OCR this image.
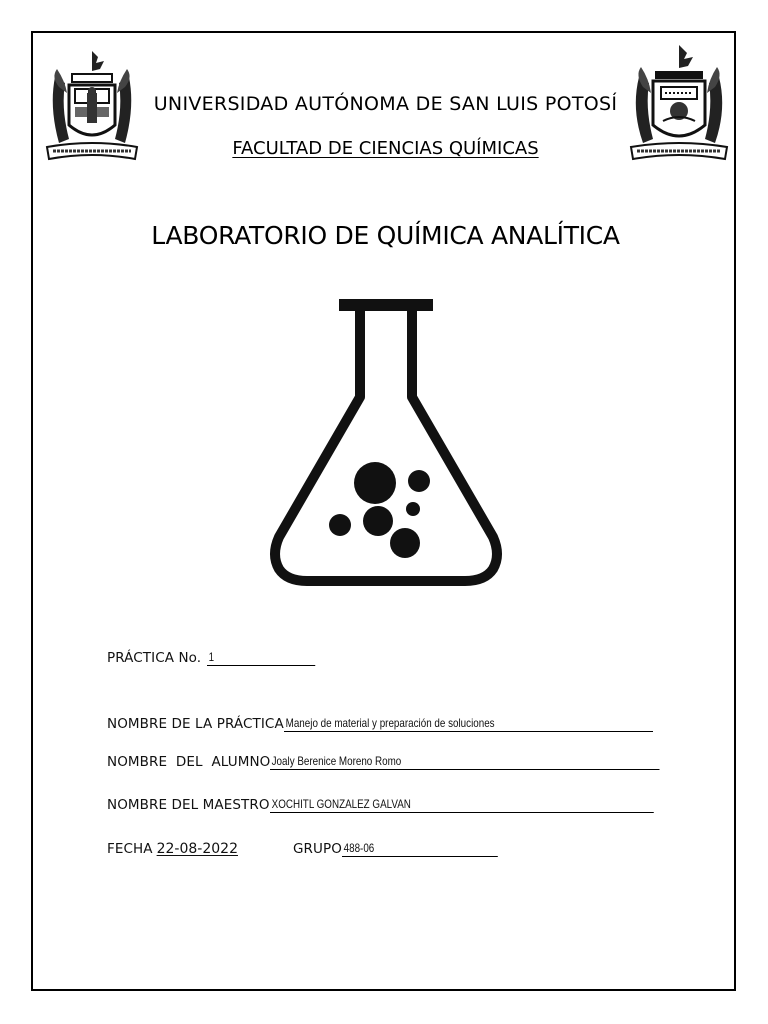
UNIVERSIDAD AUTÓNOMA DE SAN LUIS POTOSÍ
FACULTAD DE CIENCIAS QUÍMICAS
LABORATORIO DE QUÍMICA ANALÍTICA
PRÁCTICA No. 1
NOMBRE DE LA PRÁCTICA Manejo de material y preparación de soluciones
NOMBRE  DEL  ALUMNO Joaly Berenice Moreno Romo
NOMBRE DEL MAESTRO XOCHITL GONZALEZ GALVAN
FECHA 22-08-2022	GRUPO 488-06
